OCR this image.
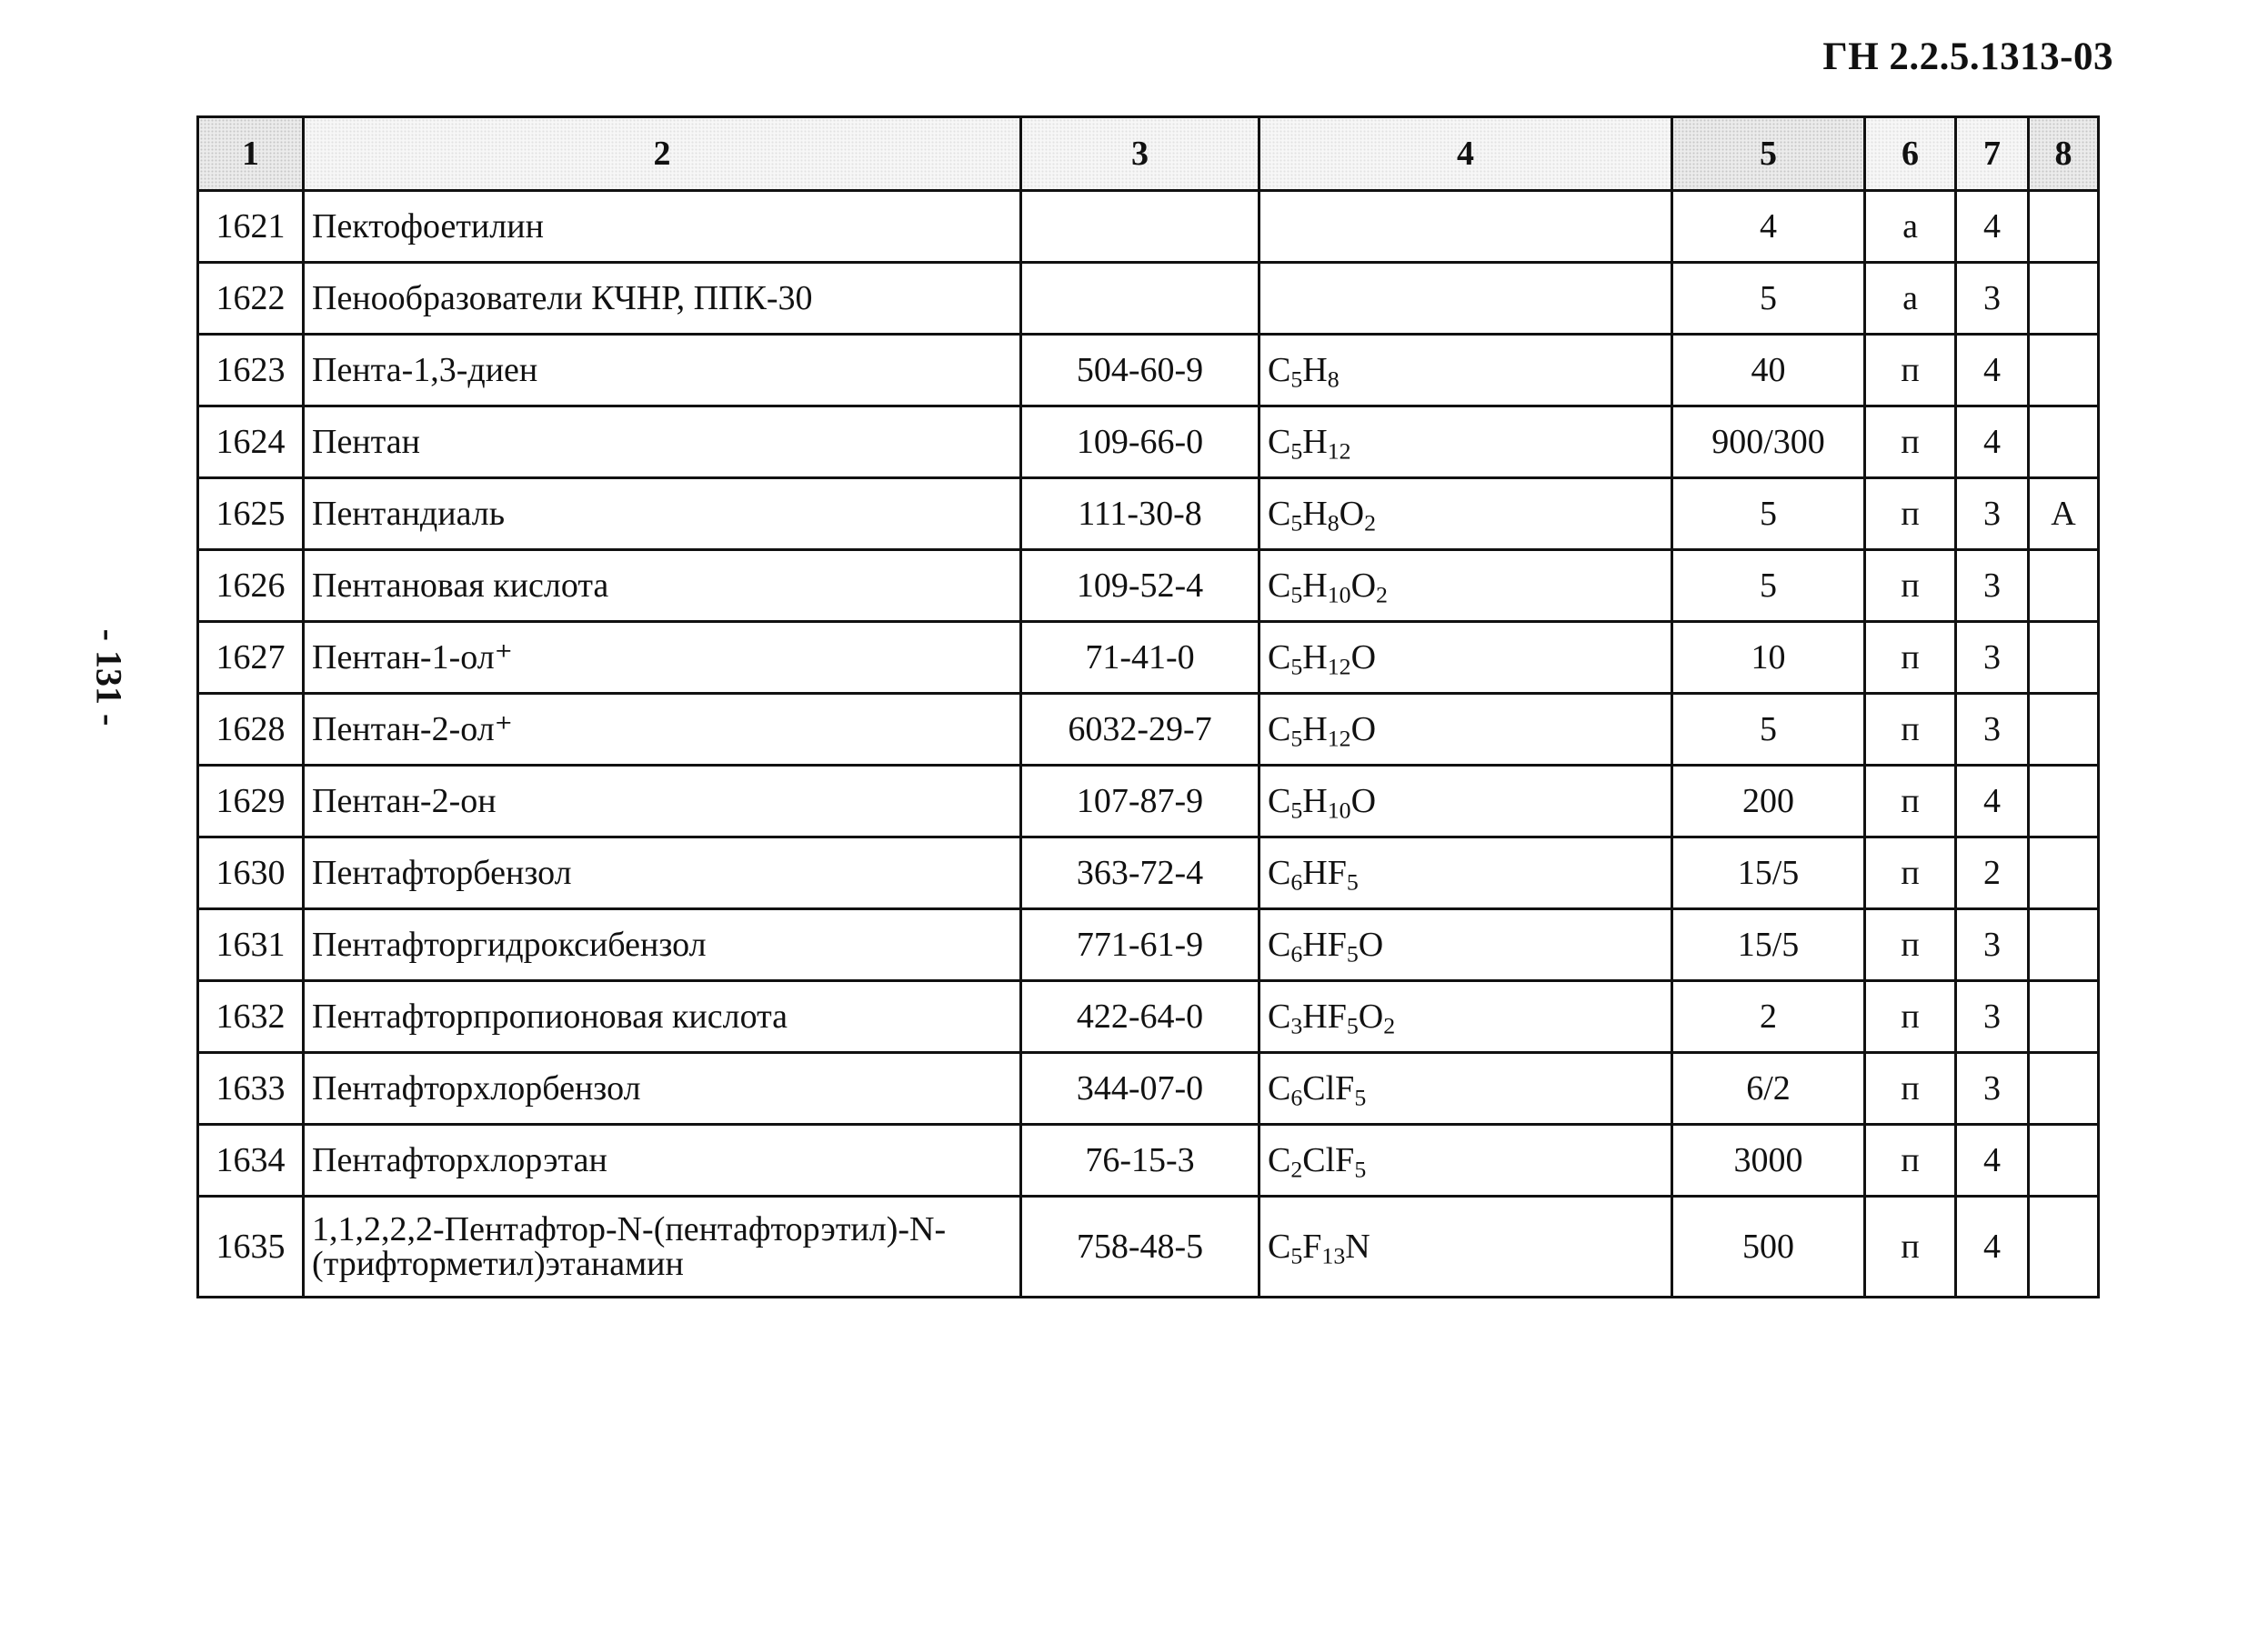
ГН 2.2.5.1313-03
- 131 -
1	2	3	4	5	6	7	8
1621	Пектофоетилин			4	а	4	
1622	Пенообразователи КЧНР, ППК-30			5	а	3	
1623	Пента-1,3-диен	504-60-9	$C_5H_8$	40	п	4	
1624	Пентан	109-66-0	$C_5H_{12}$	900/300	п	4	
1625	Пентандиаль	111-30-8	$C_5H_8O_2$	5	п	3	А
1626	Пентановая кислота	109-52-4	$C_5H_{10}O_2$	5	п	3	
1627	Пентан-1-ол⁺	71-41-0	$C_5H_{12}O$	10	п	3	
1628	Пентан-2-ол⁺	6032-29-7	$C_5H_{12}O$	5	п	3	
1629	Пентан-2-он	107-87-9	$C_5H_{10}O$	200	п	4	
1630	Пентафторбензол	363-72-4	$C_6HF_5$	15/5	п	2	
1631	Пентафторгидроксибензол	771-61-9	$C_6HF_5O$	15/5	п	3	
1632	Пентафторпропионовая кислота	422-64-0	$C_3HF_5O_2$	2	п	3	
1633	Пентафторхлорбензол	344-07-0	$C_6ClF_5$	6/2	п	3	
1634	Пентафторхлорэтан	76-15-3	$C_2ClF_5$	3000	п	4	
1635	1,1,2,2,2-Пентафтор-N-(пентафторэтил)-N-(трифторметил)этанамин	758-48-5	$C_5F_{13}N$	500	п	4	
